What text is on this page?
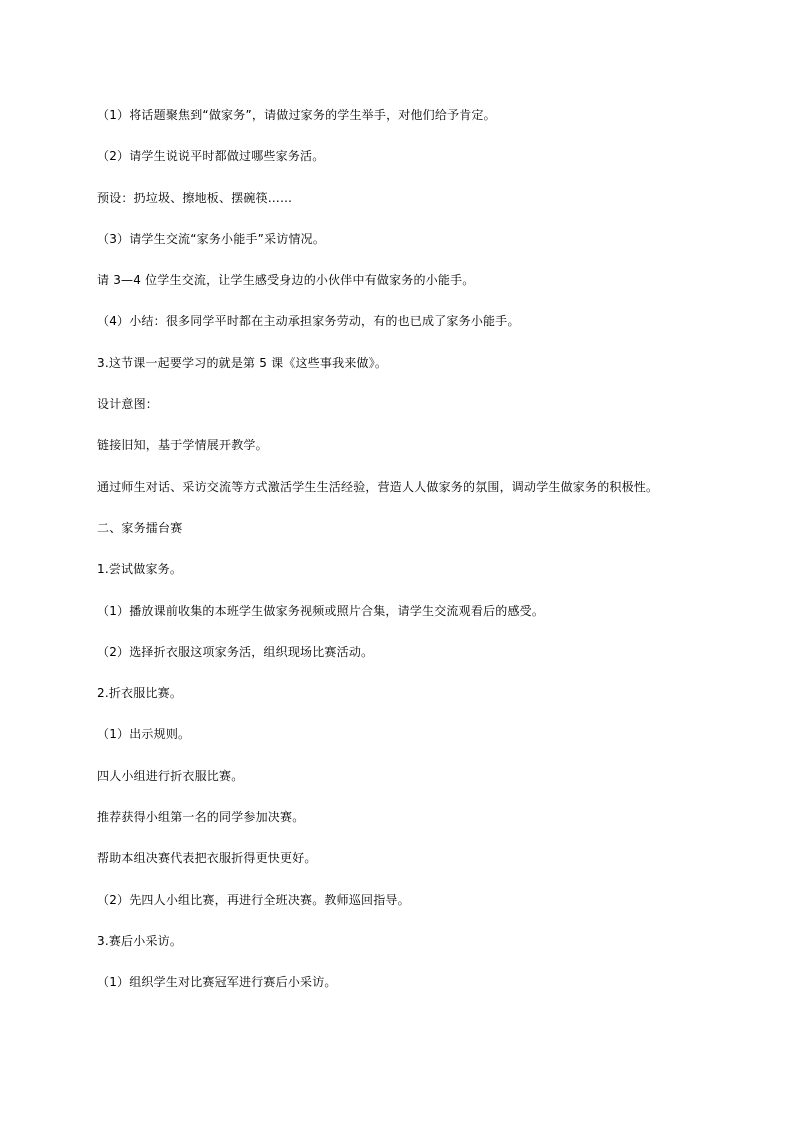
（1）将话题聚焦到“做家务”，请做过家务的学生举手，对他们给予肯定。

（2）请学生说说平时都做过哪些家务活。

预设：扔垃圾、擦地板、摆碗筷……

（3）请学生交流“家务小能手”采访情况。

请 3—4 位学生交流，让学生感受身边的小伙伴中有做家务的小能手。

（4）小结：很多同学平时都在主动承担家务劳动，有的也已成了家务小能手。

3.这节课一起要学习的就是第 5 课《这些事我来做》。

设计意图：

链接旧知，基于学情展开教学。

通过师生对话、采访交流等方式激活学生生活经验，营造人人做家务的氛围，调动学生做家务的积极性。

二、家务擂台赛

1.尝试做家务。

（1）播放课前收集的本班学生做家务视频或照片合集，请学生交流观看后的感受。

（2）选择折衣服这项家务活，组织现场比赛活动。

2.折衣服比赛。

（1）出示规则。

四人小组进行折衣服比赛。

推荐获得小组第一名的同学参加决赛。

帮助本组决赛代表把衣服折得更快更好。

（2）先四人小组比赛，再进行全班决赛。教师巡回指导。

3.赛后小采访。

（1）组织学生对比赛冠军进行赛后小采访。
